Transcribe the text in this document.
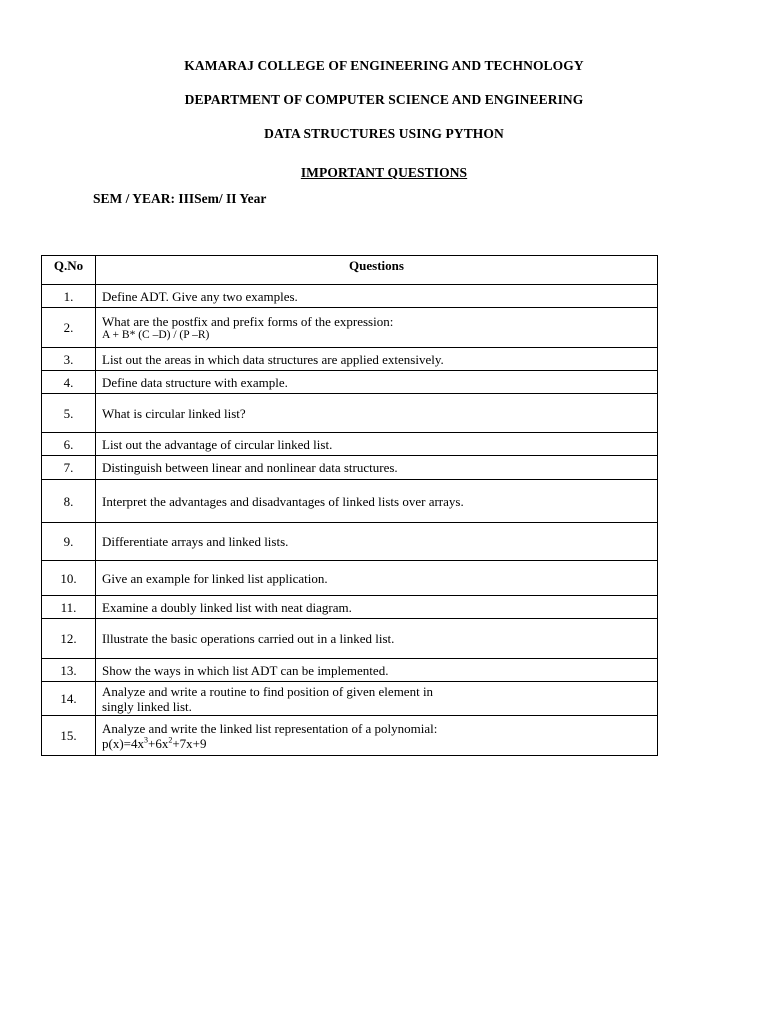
KAMARAJ COLLEGE OF ENGINEERING AND TECHNOLOGY
DEPARTMENT OF COMPUTER SCIENCE AND ENGINEERING
DATA STRUCTURES USING PYTHON
IMPORTANT QUESTIONS
SEM / YEAR: IIISem/ II Year
Q.No	Questions
1.	Define ADT. Give any two examples.
2.	What are the postfix and prefix forms of the expression:
A + B* (C –D) / (P –R)

3.	List out the areas in which data structures are applied extensively.
4.	Define data structure with example.
5.	What is circular linked list?
6.	List out the advantage of circular linked list.
7.	Distinguish between linear and nonlinear data structures.
8.	Interpret the advantages and disadvantages of linked lists over arrays.
9.	Differentiate arrays and linked lists.
10.	Give an example for linked list application.
11.	Examine a doubly linked list with neat diagram.
12.	Illustrate the basic operations carried out in a linked list.
13.	Show the ways in which list ADT can be implemented.
14.	Analyze and write a routine to find position of given element in
singly linked list.

15.	Analyze and write the linked list representation of a polynomial:
$p(x)=4x^3+6x^2+7x+9$
